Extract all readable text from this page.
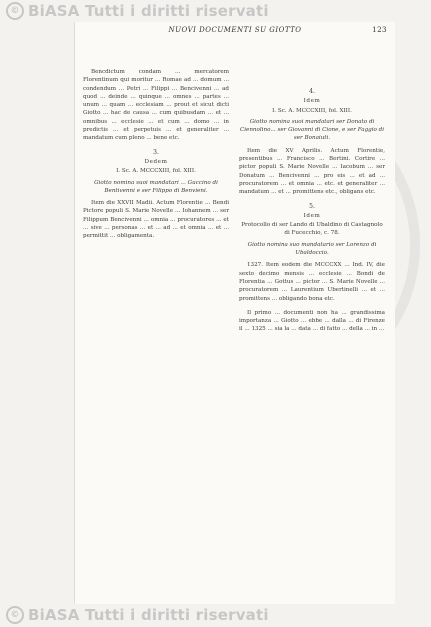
© BiASA Tutti i diritti riservati
NUOVI DOCUMENTI SU GIOTTO	123

Bencdictum condam ... mercatorem Florentinum qui moritur ... Romae ad ... domum ... condendum ... Petri ... Filippi ... Bencivenni ... ad quod ... deinde ... quinque ... omnes ... partes ... unum ... quam ... ecclesiam ... prout et sicut dicti Giotto ... hac de causa ... cum quibusdam ... et ... omnibus ... ecclesie ... et cum ... domo ... in predictis ... et perpetuis ... et generaliter ... mandatum cum pleno ... bene etc.

3.

Dedem

I. Sc. A. MCCCXIII, fol. XIII.

Giotto nomina suoi mandatari ... Guccino di Bentivenni e ser Filippo di Benvieni.

Item die XXVII Madii. Actum Florentie ... Bendi Pictore populi S. Marie Novelle ... Iohannem ... ser Filippum Bencivenni ... omnia ... procuratores ... et ... sive ... personas ... et ... ad ... et omnia ... et ... permittit ... obligamenta.

4.

Idem

I. Sc. A. MCCCXIII, fol. XIII.

Giotto nomina suoi mandatari ser Donato di Ciennolino... ser Giovanni di Cione, e ser Faggio di ser Bonaiuti.

Item die XV Aprilis. Actum Florentie, presentibus ... Francisco ... Bertini. Cortire ... pictor populi S. Marie Novelle ... Iacobum ... ser Donatum ... Bencivenni ... pro eis ... et ad ... procuratorem ... et omnia ... etc. et generaliter ... mandatum ... et ... promittens etc., obligans etc.

5.

Idem

Protocollo di ser Lando di Ubaldino di Castagnolo di Fucecchio, c. 78.

Giotto nomina suo mandatario ser Lorenzo di Ubaldoccio.

1327. Item eodem die MCCCXX ... Ind. IV, die sexto decimo mensis ... ecclesie ... Bondi de Florentia ... Gottus ... pictor ... S. Marie Novelle ... procuratorem ... Laurentium Ubertinelli ... et ... promittens ... obligando bona etc.

Il primo ... documenti non ha ... grandissima importanza ... Giotto ... ebbe ... dalla ... di Firenze il ... 1325 ... sia la ... data ... di fatto ... della ... in ...

© BiASA Tutti i diritti riservati
